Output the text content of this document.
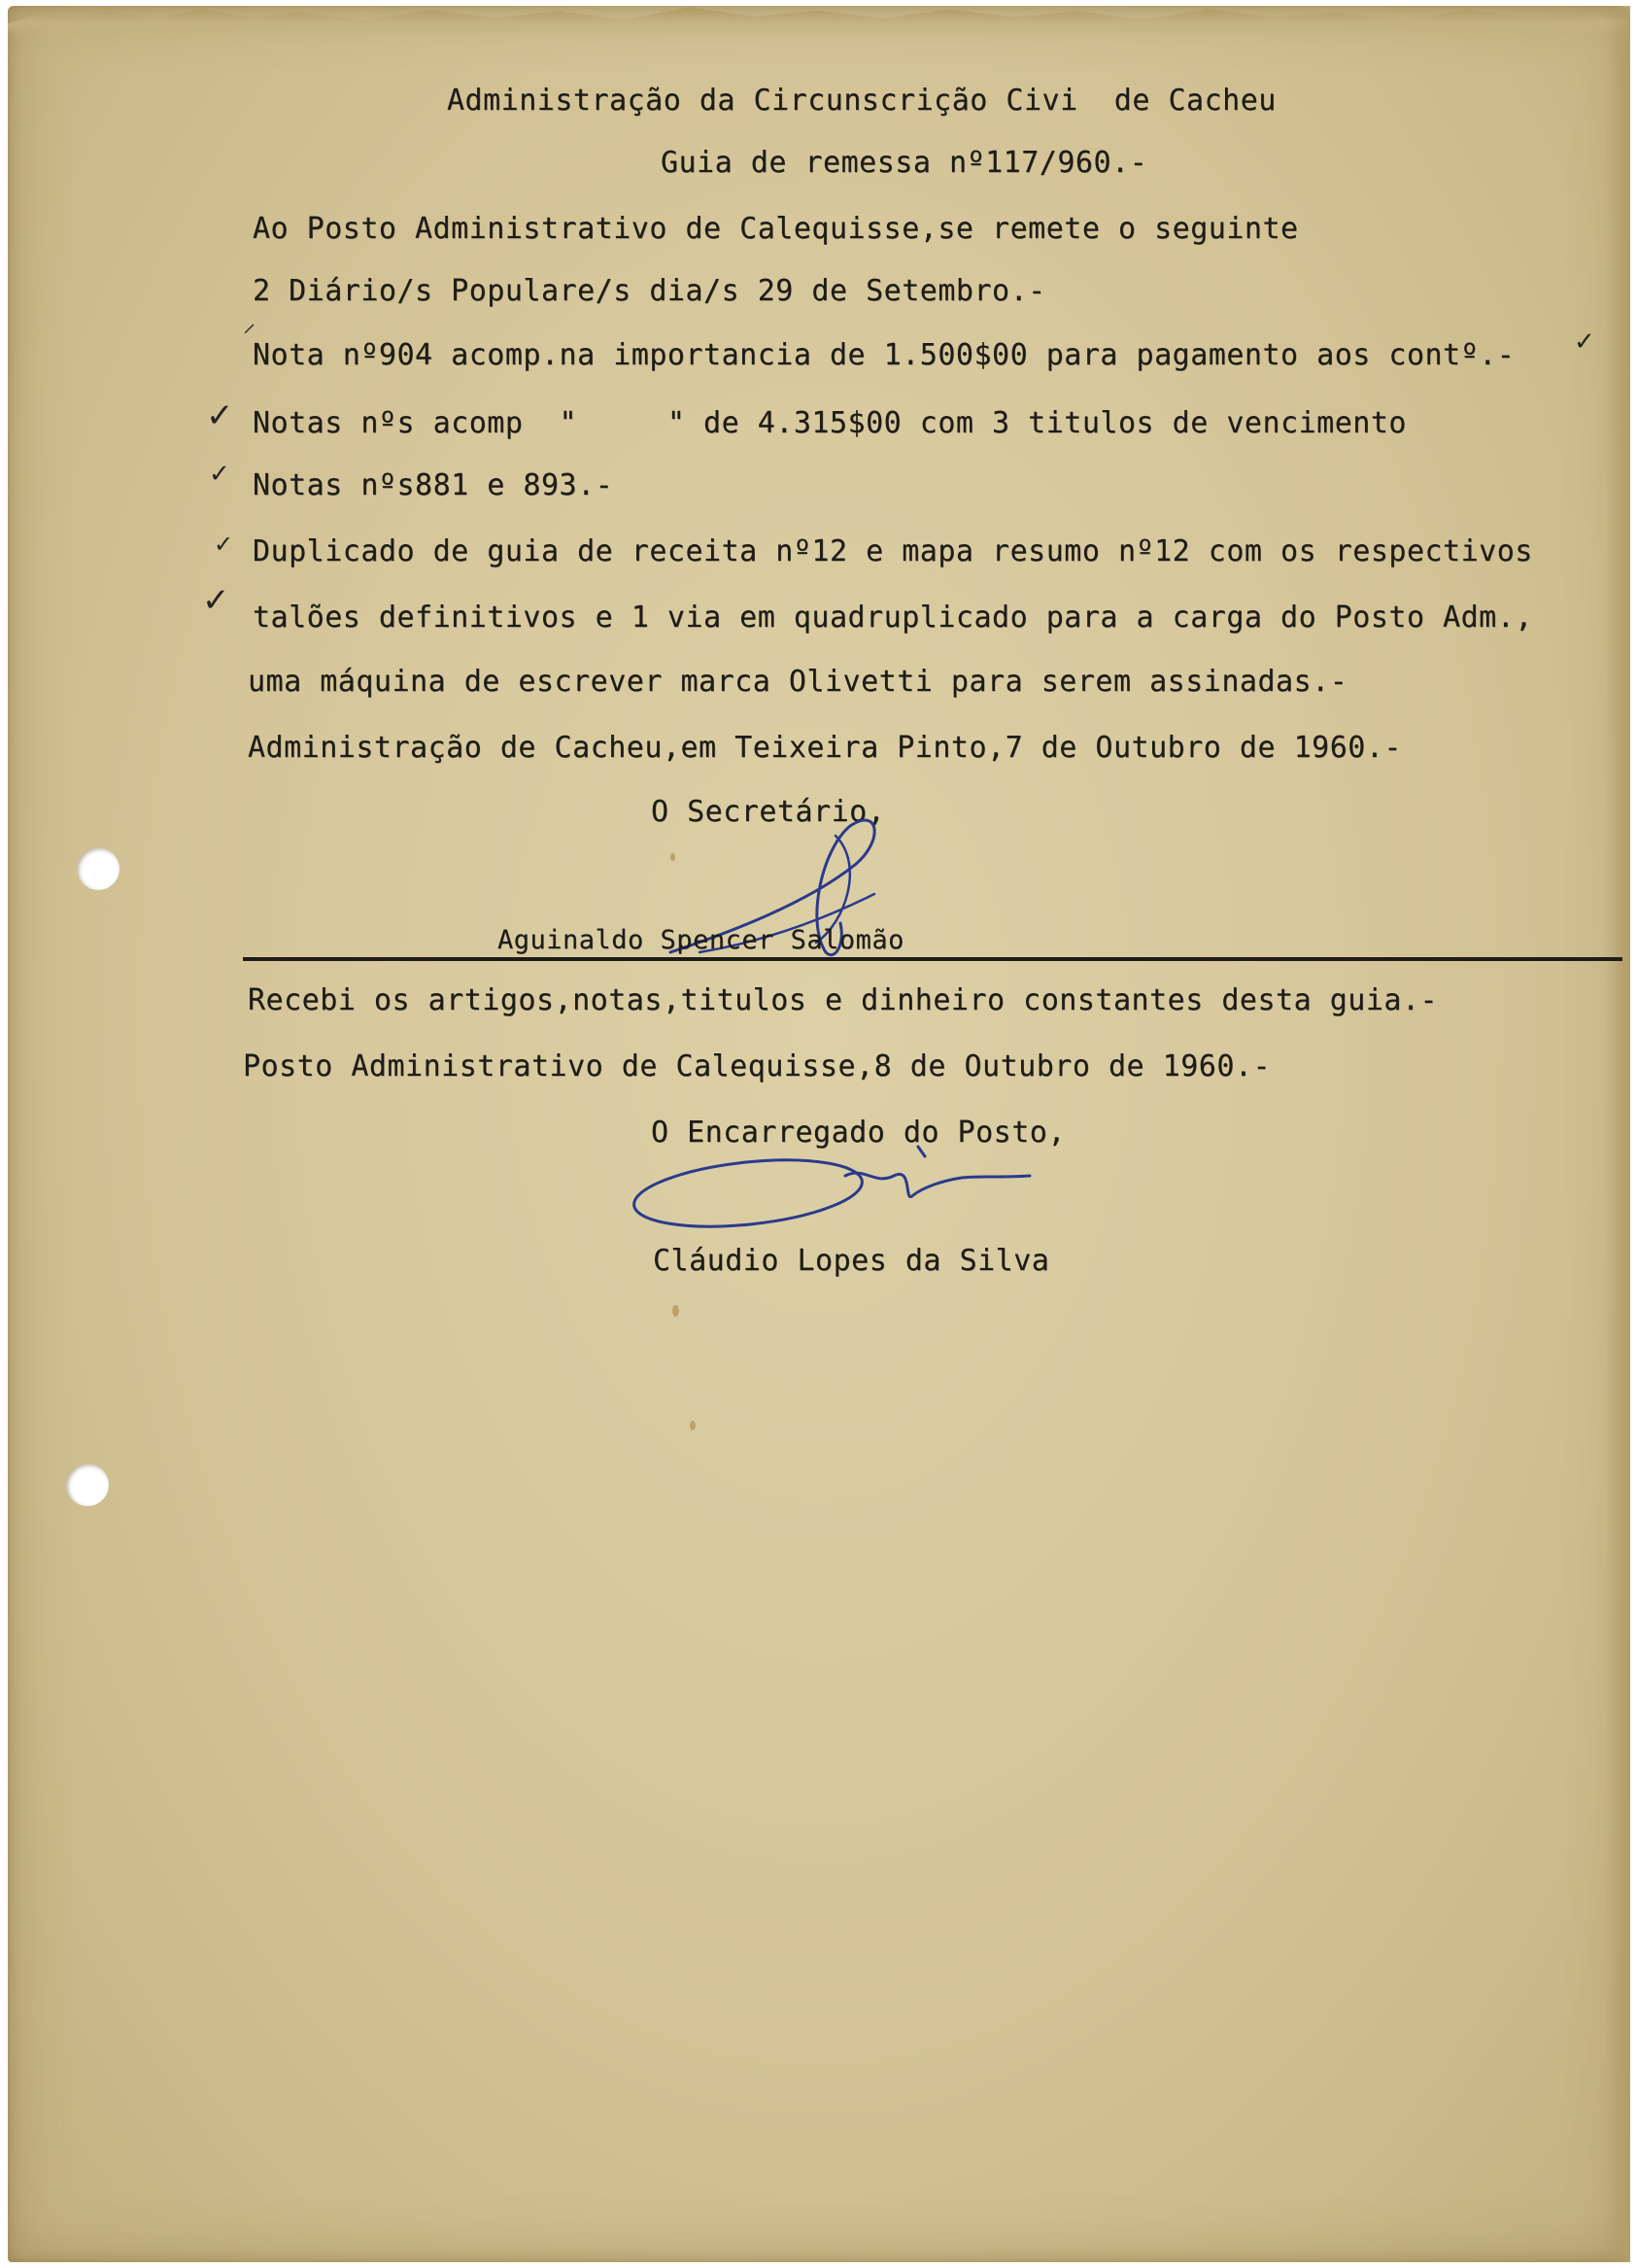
Administração da Circunscrição Civi  de Cacheu
Guia de remessa nº117/960.-
Ao Posto Administrativo de Calequisse,se remete o seguinte
2 Diário/s Populare/s dia/s 29 de Setembro.-
Nota nº904 acomp.na importancia de 1.500$00 para pagamento aos contº.-
Notas nºs acomp  "     " de 4.315$00 com 3 titulos de vencimento
Notas nºs881 e 893.-
Duplicado de guia de receita nº12 e mapa resumo nº12 com os respectivos
talões definitivos e 1 via em quadruplicado para a carga do Posto Adm.,
uma máquina de escrever marca Olivetti para serem assinadas.-
Administração de Cacheu,em Teixeira Pinto,7 de Outubro de 1960.-
⸍	✓
✓
✓
✓
✓
O Secretário,
Aguinaldo Spencer Salomão
Recebi os artigos,notas,titulos e dinheiro constantes desta guia.-
Posto Administrativo de Calequisse,8 de Outubro de 1960.-
O Encarregado do Posto,
Cláudio Lopes da Silva
